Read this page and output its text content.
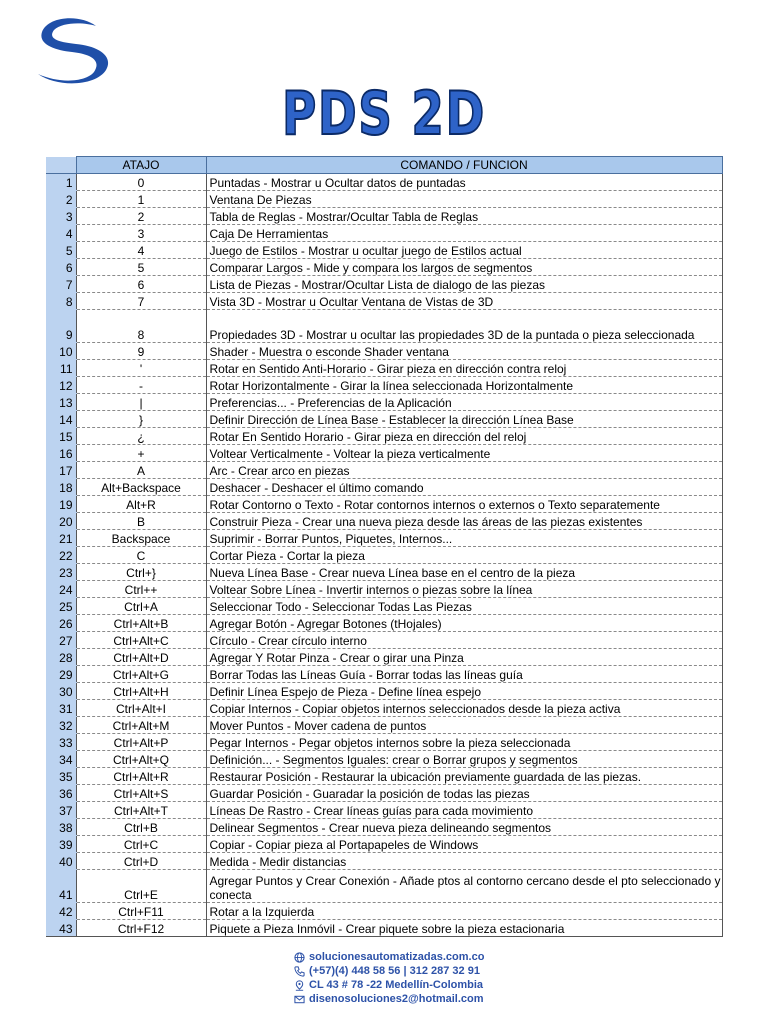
PDS 2D
	ATAJO	COMANDO / FUNCION
1	0	Puntadas - Mostrar u Ocultar datos de puntadas
2	1	Ventana De Piezas
3	2	Tabla de Reglas - Mostrar/Ocultar Tabla de Reglas
4	3	Caja De Herramientas
5	4	Juego de Estilos - Mostrar u ocultar juego de Estilos actual
6	5	Comparar Largos - Mide y compara los largos de segmentos
7	6	Lista de Piezas - Mostrar/Ocultar Lista de dialogo de las piezas
8	7	Vista 3D - Mostrar u Ocultar Ventana de Vistas de 3D
9	8	Propiedades 3D - Mostrar u ocultar las propiedades 3D de la puntada o pieza seleccionada
10	9	Shader - Muestra o esconde Shader ventana
11	'	Rotar en Sentido Anti-Horario - Girar pieza en dirección contra reloj
12	-	Rotar Horizontalmente - Girar la línea seleccionada Horizontalmente
13	|	Preferencias... - Preferencias de la Aplicación
14	}	Definir Dirección de Línea Base - Establecer la dirección Línea Base
15	¿	Rotar En Sentido Horario - Girar pieza en dirección del reloj
16	+	Voltear Verticalmente - Voltear la pieza verticalmente
17	A	Arc - Crear arco en piezas
18	Alt+Backspace	Deshacer - Deshacer el último comando
19	Alt+R	Rotar Contorno o Texto - Rotar contornos internos o externos o Texto separatemente
20	B	Construir Pieza - Crear una nueva pieza desde las áreas de las piezas existentes
21	Backspace	Suprimir - Borrar Puntos, Piquetes, Internos...
22	C	Cortar Pieza - Cortar la pieza
23	Ctrl+}	Nueva Línea Base - Crear nueva Línea base en el centro de la pieza
24	Ctrl++	Voltear Sobre Línea - Invertir internos o piezas sobre la línea
25	Ctrl+A	Seleccionar Todo - Seleccionar Todas Las Piezas
26	Ctrl+Alt+B	Agregar Botón - Agregar Botones (tHojales)
27	Ctrl+Alt+C	Círculo - Crear círculo interno
28	Ctrl+Alt+D	Agregar Y Rotar Pinza - Crear o girar una Pinza
29	Ctrl+Alt+G	Borrar Todas las Líneas Guía - Borrar todas las líneas guía
30	Ctrl+Alt+H	Definir Línea Espejo de Pieza - Define línea espejo
31	Ctrl+Alt+I	Copiar Internos - Copiar objetos internos seleccionados desde la pieza activa
32	Ctrl+Alt+M	Mover Puntos - Mover cadena de puntos
33	Ctrl+Alt+P	Pegar Internos - Pegar objetos internos sobre la pieza seleccionada
34	Ctrl+Alt+Q	Definición... - Segmentos Iguales: crear o Borrar grupos y segmentos
35	Ctrl+Alt+R	Restaurar Posición - Restaurar la ubicación previamente guardada de las piezas.
36	Ctrl+Alt+S	Guardar Posición - Guaradar la posición de todas las piezas
37	Ctrl+Alt+T	Líneas De Rastro - Crear líneas guías para cada movimiento
38	Ctrl+B	Delinear Segmentos - Crear nueva pieza delineando segmentos
39	Ctrl+C	Copiar - Copiar pieza al Portapapeles de Windows
40	Ctrl+D	Medida - Medir distancias
41	Ctrl+E	Agregar Puntos y Crear Conexión - Añade ptos al contorno cercano desde el pto seleccionado y conecta
42	Ctrl+F11	Rotar a la Izquierda
43	Ctrl+F12	Piquete a Pieza Inmóvil - Crear piquete sobre la pieza estacionaria
solucionesautomatizadas.com.co
(+57)(4) 448 58 56 | 312 287 32 91
CL 43 # 78 -22 Medellín-Colombia
disenosoluciones2@hotmail.com
